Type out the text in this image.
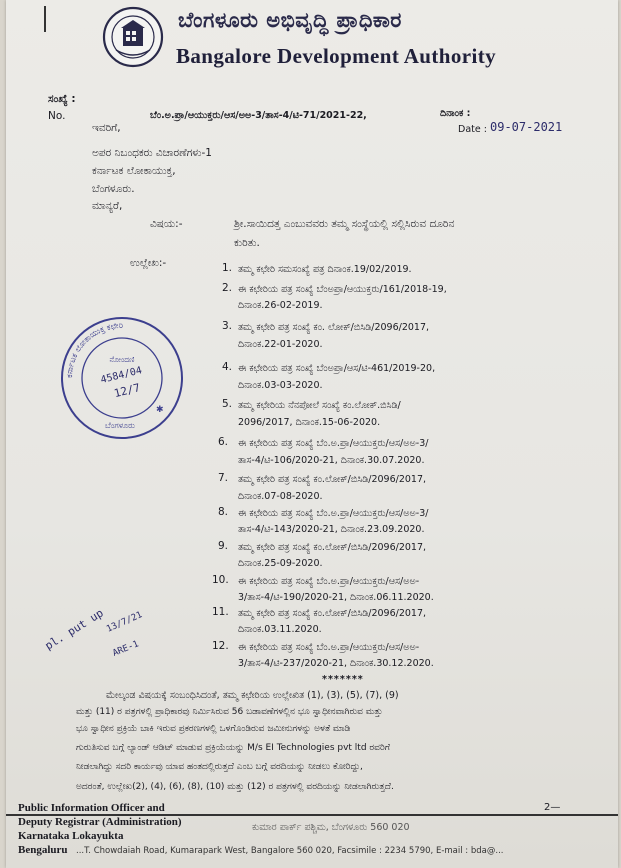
ಬೆಂಗಳೂರು ಅಭಿವೃದ್ಧಿ ಪ್ರಾಧಿಕಾರ
Bangalore Development Authority
ಸಂಖ್ಯೆ :
No.	ಬೆಂ.ಅ.ಪ್ರಾ/ಆಯುಕ್ತರು/ಆಸ/ಅಅ-3/ತಾಸ-4/ಟಿ-71/2021-22,	ದಿನಾಂಕ :
Date : 09-07-2021
ಇವರಿಗೆ,
ಅಪರ ನಿಬಂಧಕರು ವಿಚಾರಣೆಗಳು-1
ಕರ್ನಾಟಕ ಲೋಕಾಯುಕ್ತ,
ಬೆಂಗಳೂರು.
ಮಾನ್ಯರೆ,
ವಿಷಯ:-	ಶ್ರೀ.ಸಾಯಿದತ್ತ ಎಂಬುವವರು ತಮ್ಮ ಸಂಸ್ಥೆಯಲ್ಲಿ ಸಲ್ಲಿಸಿರುವ ದೂರಿನ
ಕುರಿತು.
ಉಲ್ಲೇಖ:-	1. ತಮ್ಮ ಕಛೇರಿ ಸಮಸಂಖ್ಯೆ ಪತ್ರ ದಿನಾಂಕ.19/02/2019.
2. ಈ ಕಛೇರಿಯ ಪತ್ರ ಸಂಖ್ಯೆ ಬೆಂಅಪ್ರಾ/ಆಯುಕ್ತರು/161/2018-19,
ದಿನಾಂಕ.26-02-2019.
3. ತಮ್ಮ ಕಛೇರಿ ಪತ್ರ ಸಂಖ್ಯೆ ಕಂ. ಲೋಕ್/ಬಿಸಿಡಿ/2096/2017,
ದಿನಾಂಕ.22-01-2020.
4. ಈ ಕಛೇರಿಯ ಪತ್ರ ಸಂಖ್ಯೆ ಬೆಂಅಪ್ರಾ/ಆಸ/ಟಿ-461/2019-20,
ದಿನಾಂಕ.03-03-2020.
5. ತಮ್ಮ ಕಛೇರಿಯ ನೆನಪೋಲೆ ಸಂಖ್ಯೆ ಕಂ.ಲೋಕ್.ಬಿಸಿಡಿ/
2096/2017, ದಿನಾಂಕ.15-06-2020.
6. ಈ ಕಛೇರಿಯ ಪತ್ರ ಸಂಖ್ಯೆ ಬೆಂ.ಅ.ಪ್ರಾ/ಆಯುಕ್ತರು/ಆಸ/ಅಅ-3/
ತಾಸ-4/ಟಿ-106/2020-21, ದಿನಾಂಕ.30.07.2020.
7. ತಮ್ಮ ಕಛೇರಿ ಪತ್ರ ಸಂಖ್ಯೆ ಕಂ.ಲೋಕ್/ಬಿಸಿಡಿ/2096/2017,
ದಿನಾಂಕ.07-08-2020.
8. ಈ ಕಛೇರಿಯ ಪತ್ರ ಸಂಖ್ಯೆ ಬೆಂ.ಅ.ಪ್ರಾ/ಆಯುಕ್ತರು/ಆಸ/ಅಅ-3/
ತಾಸ-4/ಟಿ-143/2020-21, ದಿನಾಂಕ.23.09.2020.
9. ತಮ್ಮ ಕಛೇರಿ ಪತ್ರ ಸಂಖ್ಯೆ ಕಂ.ಲೋಕ್/ಬಿಸಿಡಿ/2096/2017,
ದಿನಾಂಕ.25-09-2020.
10. ಈ ಕಛೇರಿಯ ಪತ್ರ ಸಂಖ್ಯೆ ಬೆಂ.ಅ.ಪ್ರಾ/ಆಯುಕ್ತರು/ಆಸ/ಅಅ-
3/ತಾಸ-4/ಟಿ-190/2020-21, ದಿನಾಂಕ.06.11.2020.
11. ತಮ್ಮ ಕಛೇರಿ ಪತ್ರ ಸಂಖ್ಯೆ ಕಂ.ಲೋಕ್/ಬಿಸಿಡಿ/2096/2017,
ದಿನಾಂಕ.03.11.2020.
12. ಈ ಕಛೇರಿಯ ಪತ್ರ ಸಂಖ್ಯೆ ಬೆಂ.ಅ.ಪ್ರಾ/ಆಯುಕ್ತರು/ಆಸ/ಅಅ-
3/ತಾಸ-4/ಟಿ-237/2020-21, ದಿನಾಂಕ.30.12.2020.
*******
ಮೇಲ್ಕಂಡ ವಿಷಯಕ್ಕೆ ಸಂಬಂಧಿಸಿದಂತೆ, ತಮ್ಮ ಕಛೇರಿಯ ಉಲ್ಲೇಖಿತ (1), (3), (5), (7), (9)
ಮತ್ತು (11) ರ ಪತ್ರಗಳಲ್ಲಿ ಪ್ರಾಧಿಕಾರವು ನಿರ್ಮಿಸಿರುವ 56 ಬಡಾವಣೆಗಳಲ್ಲಿನ ಭೂ ಸ್ವಾಧೀನವಾಗಿರುವ ಮತ್ತು
ಭೂ ಸ್ವಾಧೀನ ಪ್ರಕ್ರಿಯೆ ಬಾಕಿ ಇರುವ ಪ್ರಕರಣಗಳಲ್ಲಿ ಒಳಗೊಂಡಿರುವ ಜಮೀನುಗಳನ್ನು ಅಳತೆ ಮಾಡಿ
ಗುರುತಿಸುವ ಬಗ್ಗೆ ಲ್ಯಾಂಡ್ ಆಡಿಟ್ ಮಾಡುವ ಪ್ರಕ್ರಿಯೆಯನ್ನು M/s EI Technologies pvt ltd ರವರಿಗೆ
ನೀಡಲಾಗಿದ್ದು ಸದರಿ ಕಾರ್ಯವು ಯಾವ ಹಂತದಲ್ಲಿರುತ್ತದೆ ಎಂಬ ಬಗ್ಗೆ ವರದಿಯನ್ನು ನೀಡಲು ಕೋರಿದ್ದು,
ಅದರಂತೆ, ಉಲ್ಲೇಖ(2), (4), (6), (8), (10) ಮತ್ತು (12) ರ ಪತ್ರಗಳಲ್ಲಿ ವರದಿಯನ್ನು ನೀಡಲಾಗಿರುತ್ತದೆ.
ಕರ್ನಾಟಕ ಲೋಕಾಯುಕ್ತ ಕಛೇರಿ
ನೋಂದಣಿ
4584/04
12/7
ಬೆಂಗಳೂರು
✱
pl. put up 13/7/21
ARE-1
Public Information Officer and	2—
ಕುಮಾರ ಪಾರ್ಕ್ ಪಶ್ಚಿಮ, ಬೆಂಗಳೂರು 560 020
Deputy Registrar (Administration)
Karnataka Lokayukta
Bengaluru ...T. Chowdaiah Road, Kumarapark West, Bangalore 560 020, Facsimile : 2234 5790, E-mail : bda@...
